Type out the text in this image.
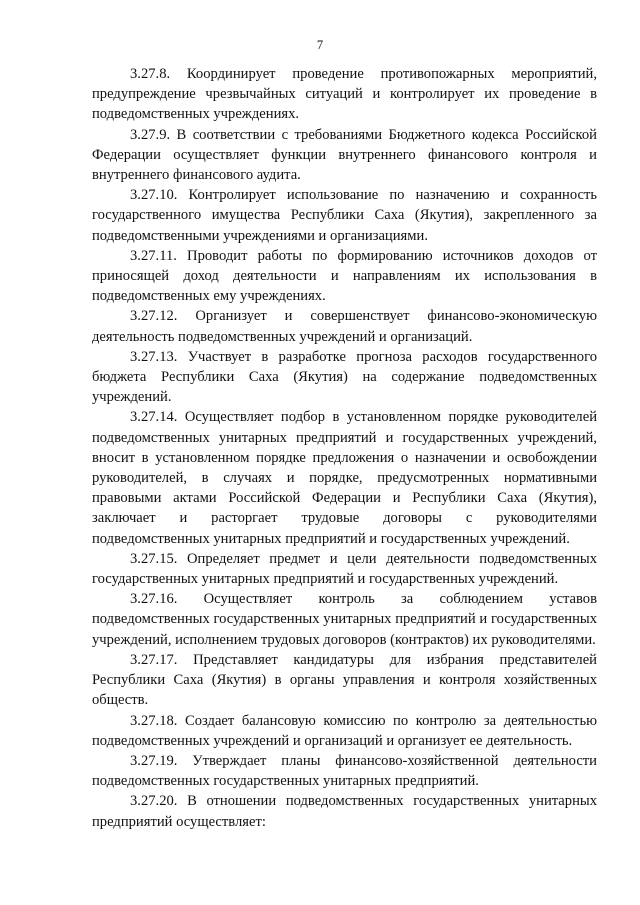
7

3.27.8. Координирует проведение противопожарных мероприятий, предупреждение чрезвычайных ситуаций и контролирует их проведение в подведомственных учреждениях.

3.27.9. В соответствии с требованиями Бюджетного кодекса Российской Федерации осуществляет функции внутреннего финансового контроля и внутреннего финансового аудита.

3.27.10. Контролирует использование по назначению и сохранность государственного имущества Республики Саха (Якутия), закрепленного за подведомственными учреждениями и организациями.

3.27.11. Проводит работы по формированию источников доходов от приносящей доход деятельности и направлениям их использования в подведомственных ему учреждениях.

3.27.12. Организует и совершенствует финансово-экономическую деятельность подведомственных учреждений и организаций.

3.27.13. Участвует в разработке прогноза расходов государственного бюджета Республики Саха (Якутия) на содержание подведомственных учреждений.

3.27.14. Осуществляет подбор в установленном порядке руководителей подведомственных унитарных предприятий и государственных учреждений, вносит в установленном порядке предложения о назначении и освобождении руководителей, в случаях и порядке, предусмотренных нормативными правовыми актами Российской Федерации и Республики Саха (Якутия), заключает и расторгает трудовые договоры с руководителями подведомственных унитарных предприятий и государственных учреждений.

3.27.15. Определяет предмет и цели деятельности подведомственных государственных унитарных предприятий и государственных учреждений.

3.27.16. Осуществляет контроль за соблюдением уставов подведомственных государственных унитарных предприятий и государственных учреждений, исполнением трудовых договоров (контрактов) их руководителями.

3.27.17. Представляет кандидатуры для избрания представителей Республики Саха (Якутия) в органы управления и контроля хозяйственных обществ.

3.27.18. Создает балансовую комиссию по контролю за деятельностью подведомственных учреждений и организаций и организует ее деятельность.

3.27.19. Утверждает планы финансово-хозяйственной деятельности подведомственных государственных унитарных предприятий.

3.27.20. В отношении подведомственных государственных унитарных предприятий осуществляет:
